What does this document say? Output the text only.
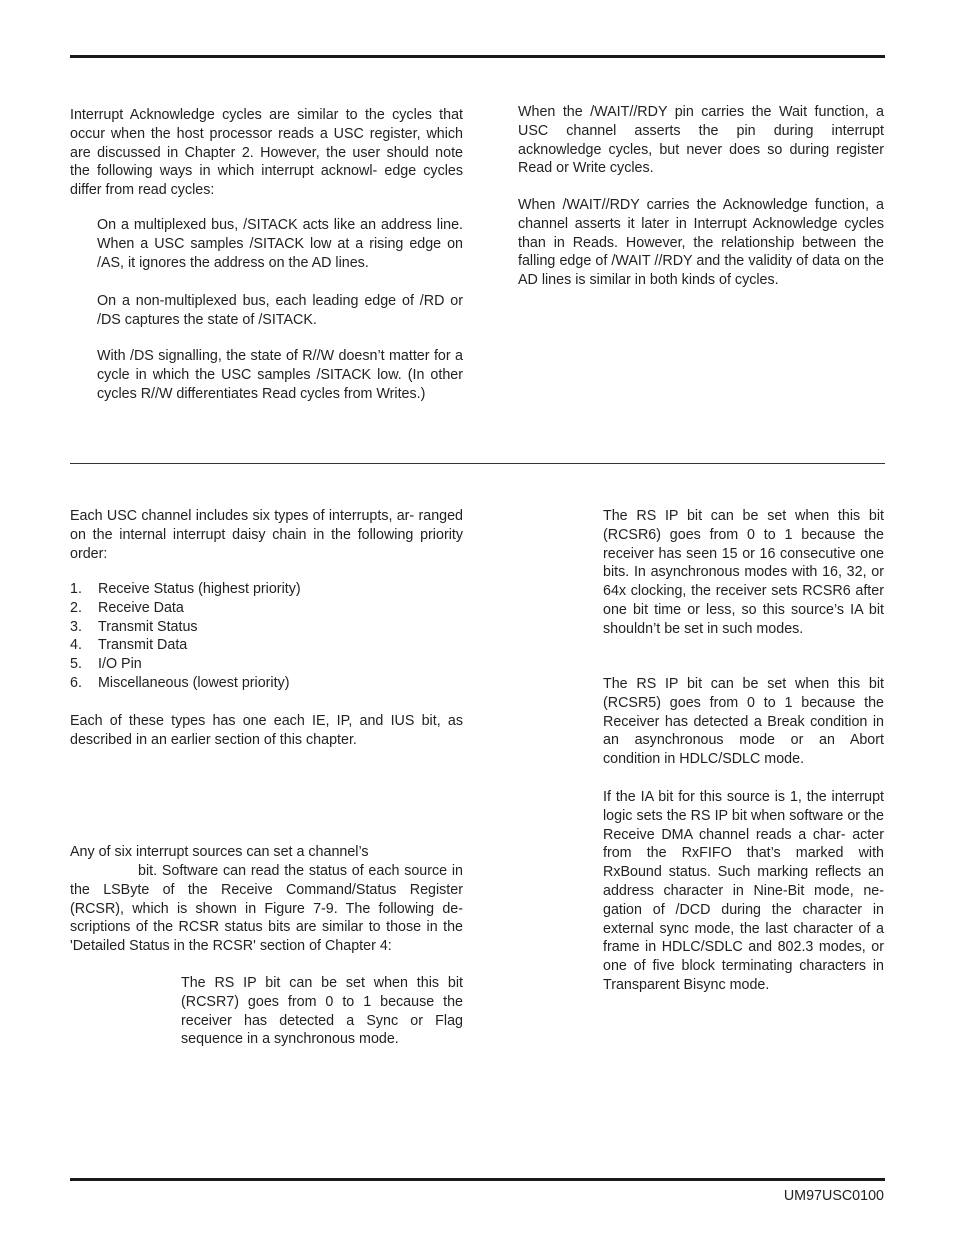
Interrupt Acknowledge cycles are similar to the cycles that occur when the host processor reads a USC register, which are discussed in Chapter 2. However, the user should note the following ways in which interrupt acknowl- edge cycles differ from read cycles:

On a multiplexed bus, /SITACK acts like an address line. When a USC samples /SITACK low at a rising edge on /AS, it ignores the address on the AD lines.

On a non-multiplexed bus, each leading edge of /RD or /DS captures the state of /SITACK.

With /DS signalling, the state of R//W doesn’t matter for a cycle in which the USC samples /SITACK low. (In other cycles R//W differentiates Read cycles from Writes.)

When the /WAIT//RDY pin carries the Wait function, a USC channel asserts the pin during interrupt acknowledge cycles, but never does so during register Read or Write cycles.

When /WAIT//RDY carries the Acknowledge function, a channel asserts it later in Interrupt Acknowledge cycles than in Reads. However, the relationship between the falling edge of /WAIT //RDY and the validity of data on the AD lines is similar in both kinds of cycles.

Each USC channel includes six types of interrupts, ar- ranged on the internal interrupt daisy chain in the following priority order:

1.	Receive Status (highest priority)
2.	Receive Data
3.	Transmit Status
4.	Transmit Data
5.	I/O Pin
6.	Miscellaneous (lowest priority)

Each of these types has one each IE, IP, and IUS bit, as described in an earlier section of this chapter.

Any of six interrupt sources can set a channel’s

bit. Software can read the status of each source in the LSByte of the Receive Command/Status Register (RCSR), which is shown in Figure 7-9. The following de- scriptions of the RCSR status bits are similar to those in the 'Detailed Status in the RCSR' section of Chapter 4:

The RS IP bit can be set when this bit (RCSR7) goes from 0 to 1 because the receiver has detected a Sync or Flag sequence in a synchronous mode.

The RS IP bit can be set when this bit (RCSR6) goes from 0 to 1 because the receiver has seen 15 or 16 consecutive one bits. In asynchronous modes with 16, 32, or 64x clocking, the receiver sets RCSR6 after one bit time or less, so this source’s IA bit shouldn’t be set in such modes.

The RS IP bit can be set when this bit (RCSR5) goes from 0 to 1 because the Receiver has detected a Break condition in an asynchronous mode or an Abort condition in HDLC/SDLC mode.

If the IA bit for this source is 1, the interrupt logic sets the RS IP bit when software or the Receive DMA channel reads a char- acter from the RxFIFO that’s marked with RxBound status. Such marking reflects an address character in Nine-Bit mode, ne- gation of /DCD during the character in external sync mode, the last character of a frame in HDLC/SDLC and 802.3 modes, or one of five block terminating characters in Transparent Bisync mode.

UM97USC0100
